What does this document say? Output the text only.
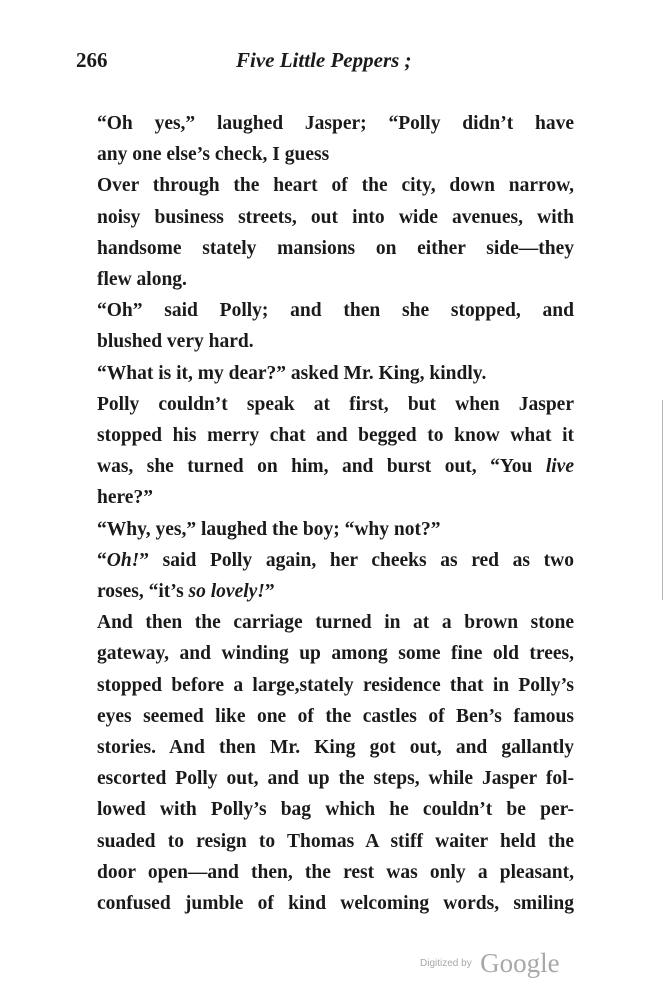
266	Five Little Peppers ;

“Oh yes,” laughed Jasper; “Polly didn’t have
any one else’s check, I guess

Over through the heart of the city, down narrow,
noisy business streets, out into wide avenues, with
handsome stately mansions on either side—they
flew along.

“Oh” said Polly; and then she stopped, and
blushed very hard.

“What is it, my dear?” asked Mr. King, kindly.

Polly couldn’t speak at first, but when Jasper
stopped his merry chat and begged to know what it
was, she turned on him, and burst out, “You live
here?”

“Why, yes,” laughed the boy; “why not?”

“Oh!” said Polly again, her cheeks as red as two
roses, “it’s so lovely!”

And then the carriage turned in at a brown stone
gateway, and winding up among some fine old trees,
stopped before a large,stately residence that in Polly’s
eyes seemed like one of the castles of Ben’s famous
stories. And then Mr. King got out, and gallantly
escorted Polly out, and up the steps, while Jasper fol-
lowed with Polly’s bag which he couldn’t be per-
suaded to resign to Thomas A stiff waiter held the
door open—and then, the rest was only a pleasant,
confused jumble of kind welcoming words, smiling

Digitized by Google
